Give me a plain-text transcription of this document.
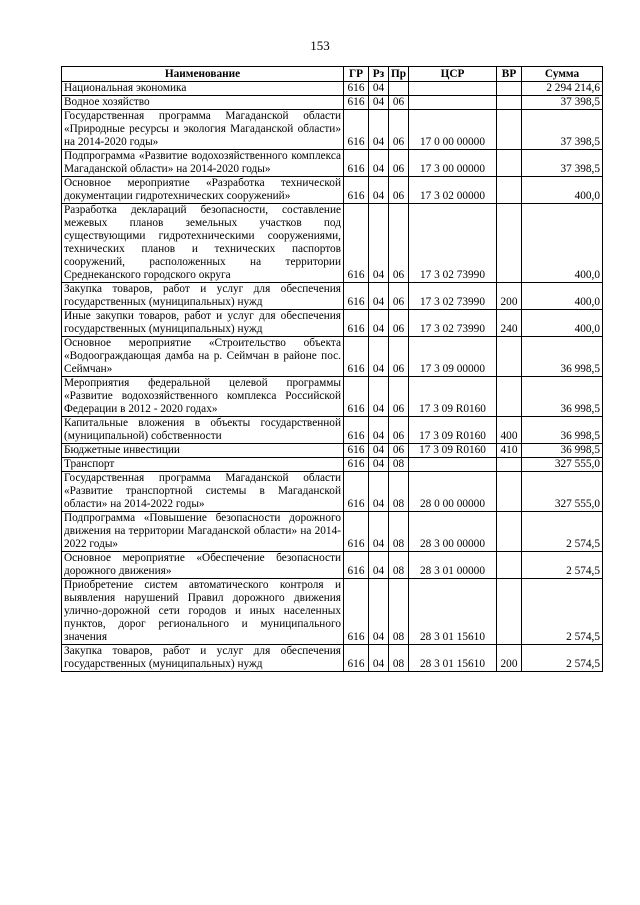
153
Наименование	ГР	Рз	Пр	ЦСР	ВР	Сумма
Национальная экономика	616	04				2 294 214,6
Водное хозяйство	616	04	06			37 398,5
Государственная программа Магаданской области «Природные ресурсы и экология Магаданской области» на 2014-2020 годы»	616	04	06	17 0 00 00000		37 398,5
Подпрограмма «Развитие водохозяйственного комплекса Магаданской области» на 2014-2020 годы»	616	04	06	17 3 00 00000		37 398,5
Основное мероприятие «Разработка технической документации гидротехнических сооружений»	616	04	06	17 3 02 00000		400,0
Разработка деклараций безопасности, составление межевых планов земельных участков под существующими гидротехническими сооружениями, технических планов и технических паспортов сооружений, расположенных на территории Среднеканского городского округа	616	04	06	17 3 02 73990		400,0
Закупка товаров, работ и услуг для обеспечения государственных (муниципальных) нужд	616	04	06	17 3 02 73990	200	400,0
Иные закупки товаров, работ и услуг для обеспечения государственных (муниципальных) нужд	616	04	06	17 3 02 73990	240	400,0
Основное мероприятие «Строительство объекта «Водоограждающая дамба на р. Сеймчан в районе пос. Сеймчан»	616	04	06	17 3 09 00000		36 998,5
Мероприятия федеральной целевой программы «Развитие водохозяйственного комплекса Российской Федерации в 2012 - 2020 годах»	616	04	06	17 3 09 R0160		36 998,5
Капитальные вложения в объекты государственной (муниципальной) собственности	616	04	06	17 3 09 R0160	400	36 998,5
Бюджетные инвестиции	616	04	06	17 3 09 R0160	410	36 998,5
Транспорт	616	04	08			327 555,0
Государственная программа Магаданской области «Развитие транспортной системы в Магаданской области» на 2014-2022 годы»	616	04	08	28 0 00 00000		327 555,0
Подпрограмма «Повышение безопасности дорожного движения на территории Магаданской области» на 2014-2022 годы»	616	04	08	28 3 00 00000		2 574,5
Основное мероприятие «Обеспечение безопасности дорожного движения»	616	04	08	28 3 01 00000		2 574,5
Приобретение систем автоматического контроля и выявления нарушений Правил дорожного движения улично-дорожной сети городов и иных населенных пунктов, дорог регионального и муниципального значения	616	04	08	28 3 01 15610		2 574,5
Закупка товаров, работ и услуг для обеспечения государственных (муниципальных) нужд	616	04	08	28 3 01 15610	200	2 574,5
